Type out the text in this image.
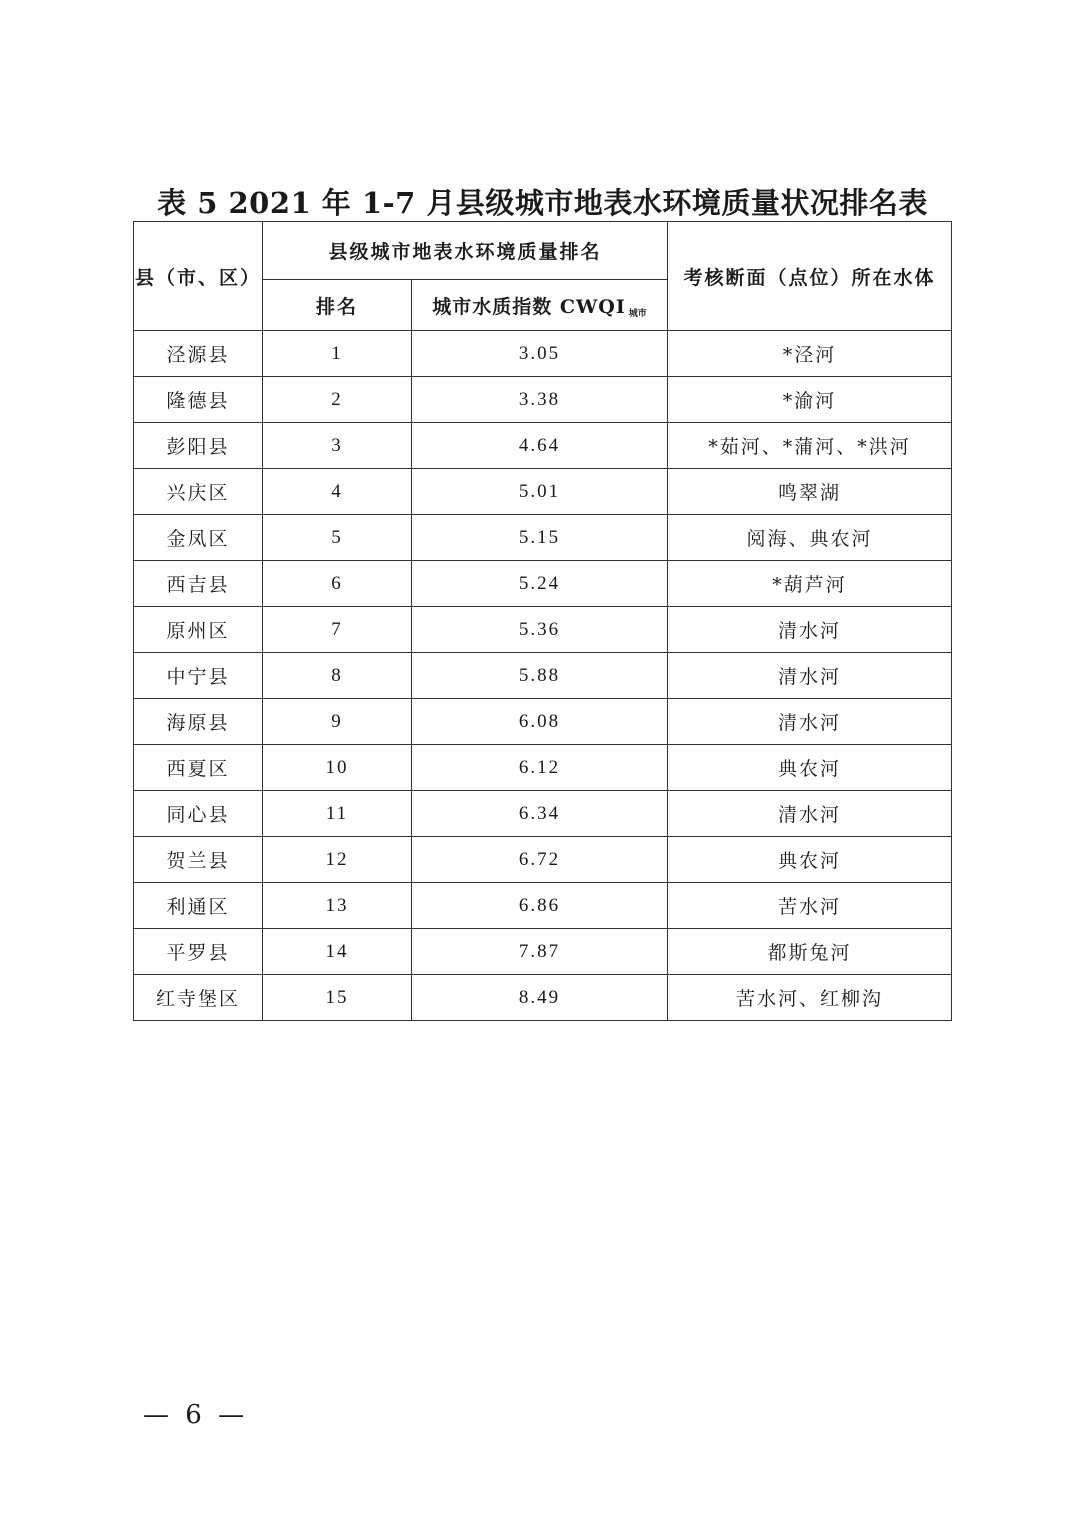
表 5 2021 年 1-7 月县级城市地表水环境质量状况排名表
县（市、区）	县级城市地表水环境质量排名		考核断面（点位）所在水体
	排名	城市水质指数 CWQI $_{城市}$
泾源县	1	3.05	*泾河
隆德县	2	3.38	*渝河
彭阳县	3	4.64	*茹河、*蒲河、*洪河
兴庆区	4	5.01	鸣翠湖
金凤区	5	5.15	阅海、典农河
西吉县	6	5.24	*葫芦河
原州区	7	5.36	清水河
中宁县	8	5.88	清水河
海原县	9	6.08	清水河
西夏区	10	6.12	典农河
同心县	11	6.34	清水河
贺兰县	12	6.72	典农河
利通区	13	6.86	苦水河
平罗县	14	7.87	都斯兔河
红寺堡区	15	8.49	苦水河、红柳沟
— 6 —
